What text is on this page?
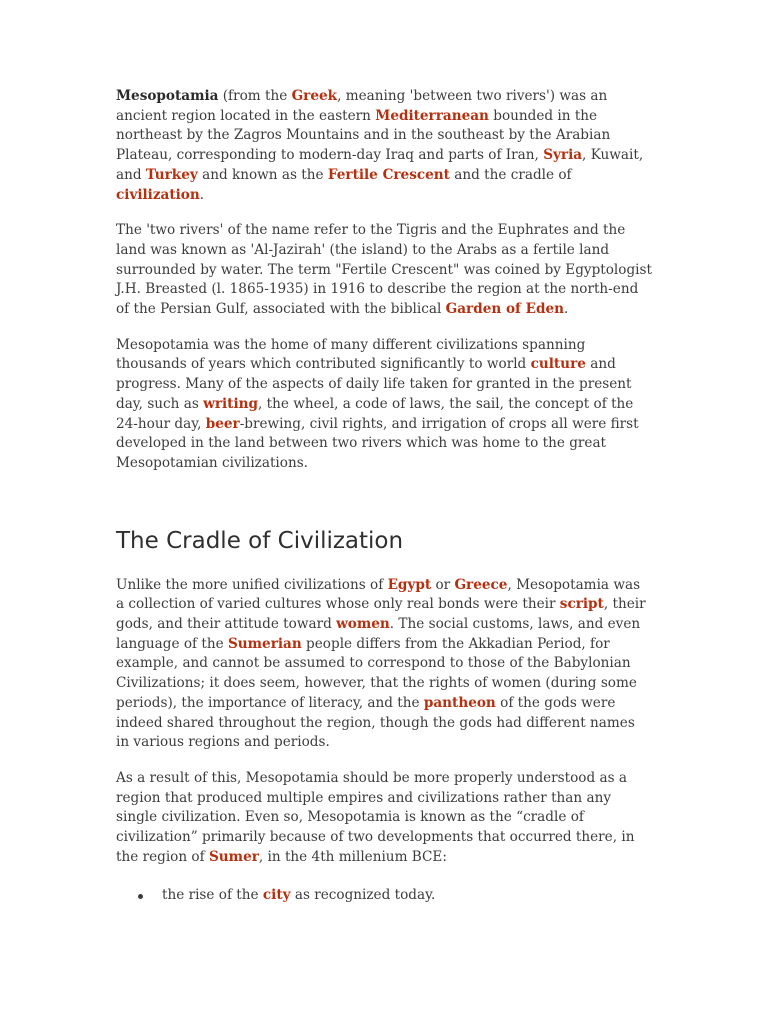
Mesopotamia (from the Greek, meaning 'between two rivers') was an ancient region located in the eastern Mediterranean bounded in the northeast by the Zagros Mountains and in the southeast by the Arabian Plateau, corresponding to modern-day Iraq and parts of Iran, Syria, Kuwait, and Turkey and known as the Fertile Crescent and the cradle of civilization.

The 'two rivers' of the name refer to the Tigris and the Euphrates and the land was known as 'Al-Jazirah' (the island) to the Arabs as a fertile land surrounded by water. The term "Fertile Crescent" was coined by Egyptologist J.H. Breasted (l. 1865-1935) in 1916 to describe the region at the north-end of the Persian Gulf, associated with the biblical Garden of Eden.

Mesopotamia was the home of many different civilizations spanning thousands of years which contributed significantly to world culture and progress. Many of the aspects of daily life taken for granted in the present day, such as writing, the wheel, a code of laws, the sail, the concept of the 24-hour day, beer-brewing, civil rights, and irrigation of crops all were first developed in the land between two rivers which was home to the great Mesopotamian civilizations.

The Cradle of Civilization

Unlike the more unified civilizations of Egypt or Greece, Mesopotamia was a collection of varied cultures whose only real bonds were their script, their gods, and their attitude toward women. The social customs, laws, and even language of the Sumerian people differs from the Akkadian Period, for example, and cannot be assumed to correspond to those of the Babylonian Civilizations; it does seem, however, that the rights of women (during some periods), the importance of literacy, and the pantheon of the gods were indeed shared throughout the region, though the gods had different names in various regions and periods.

As a result of this, Mesopotamia should be more properly understood as a region that produced multiple empires and civilizations rather than any single civilization. Even so, Mesopotamia is known as the “cradle of civilization” primarily because of two developments that occurred there, in the region of Sumer, in the 4th millenium BCE:

the rise of the city as recognized today.
